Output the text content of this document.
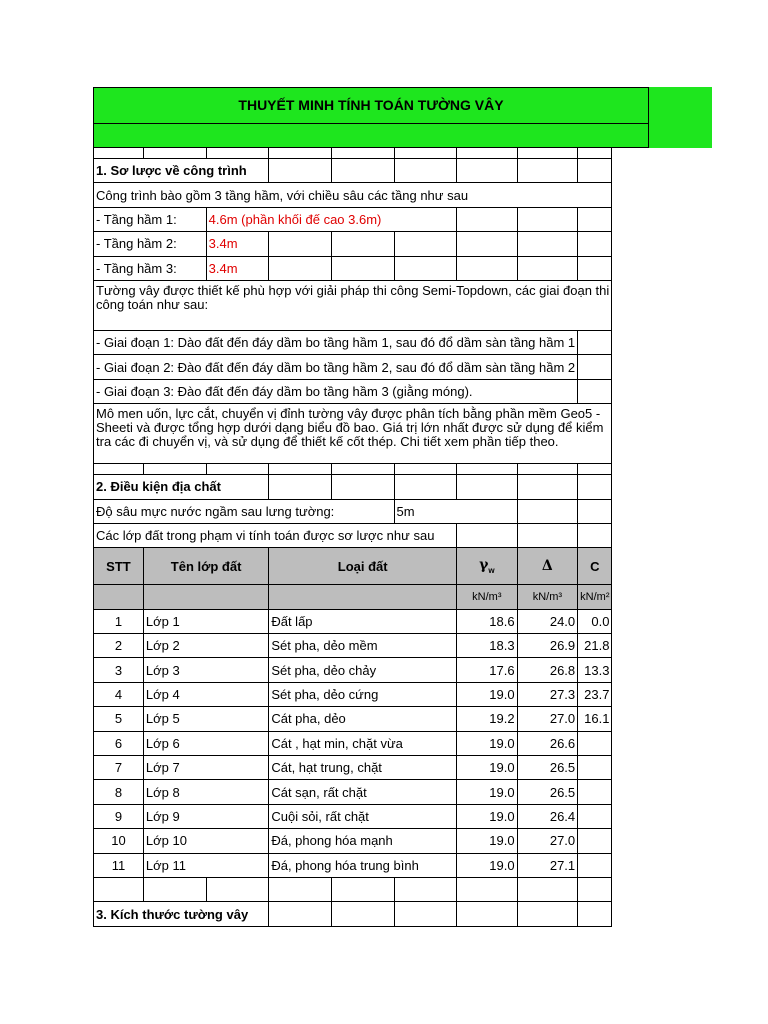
THUYẾT MINH TÍNH TOÁN TƯỜNG VÂY

1. Sơ lược về công trình								
Công trình bào gồm 3 tầng hầm, với chiều sâu các tầng như sau								
- Tầng hầm 1:		4.6m (phần khối đế cao 3.6m)						
- Tầng hầm 2:		3.4m						
- Tầng hầm 3:		3.4m						
Tường vây được thiết kế phù hợp với giải pháp thi công Semi-Topdown, các giai đoạn thi công toán như sau:								
- Giai đoạn 1: Dào đất đến đáy dầm bo tầng hầm 1, sau đó đổ dầm sàn tầng hầm 1								
- Giai đoạn 2: Đào đất đến đáy dầm bo tầng hầm 2, sau đó đổ dầm sàn tầng hầm 2								
- Giai đoạn 3: Đào đất đến đáy dầm bo tầng hầm 3 (giằng móng).								
Mô men uốn, lực cắt, chuyển vị đỉnh tường vây được phân tích bằng phần mềm Geo5 - Sheeti và được tổng hợp dưới dạng biểu đồ bao. Giá trị lớn nhất được sử dụng để kiểm tra các đi chuyển vị, và sử dụng để thiết kế cốt thép. Chi tiết xem phần tiếp theo.								

2. Điều kiện địa chất								
Độ sâu mực nước ngầm sau lưng tường:					5m			
Các lớp đất trong phạm vi tính toán được sơ lược như sau								
STT	Tên lớp đất		Loại đất			$\gamma_w$	Δ	C
						kN/m³	kN/m³	kN/m²
1	Lớp 1		Đất lấp			18.6	24.0	0.0
2	Lớp 2		Sét pha, dẻo mềm			18.3	26.9	21.8
3	Lớp 3		Sét pha, dẻo chảy			17.6	26.8	13.3
4	Lớp 4		Sét pha, dẻo cứng			19.0	27.3	23.7
5	Lớp 5		Cát pha, dẻo			19.2	27.0	16.1
6	Lớp 6		Cát , hạt min, chặt vừa			19.0	26.6	
7	Lớp 7		Cát, hạt trung, chặt			19.0	26.5	
8	Lớp 8		Cát sạn, rất chặt			19.0	26.5	
9	Lớp 9		Cuội sỏi, rất chặt			19.0	26.4	
10	Lớp 10		Đá, phong hóa mạnh			19.0	27.0	
11	Lớp 11		Đá, phong hóa trung bình			19.0	27.1	

3. Kích thước tường vây								
